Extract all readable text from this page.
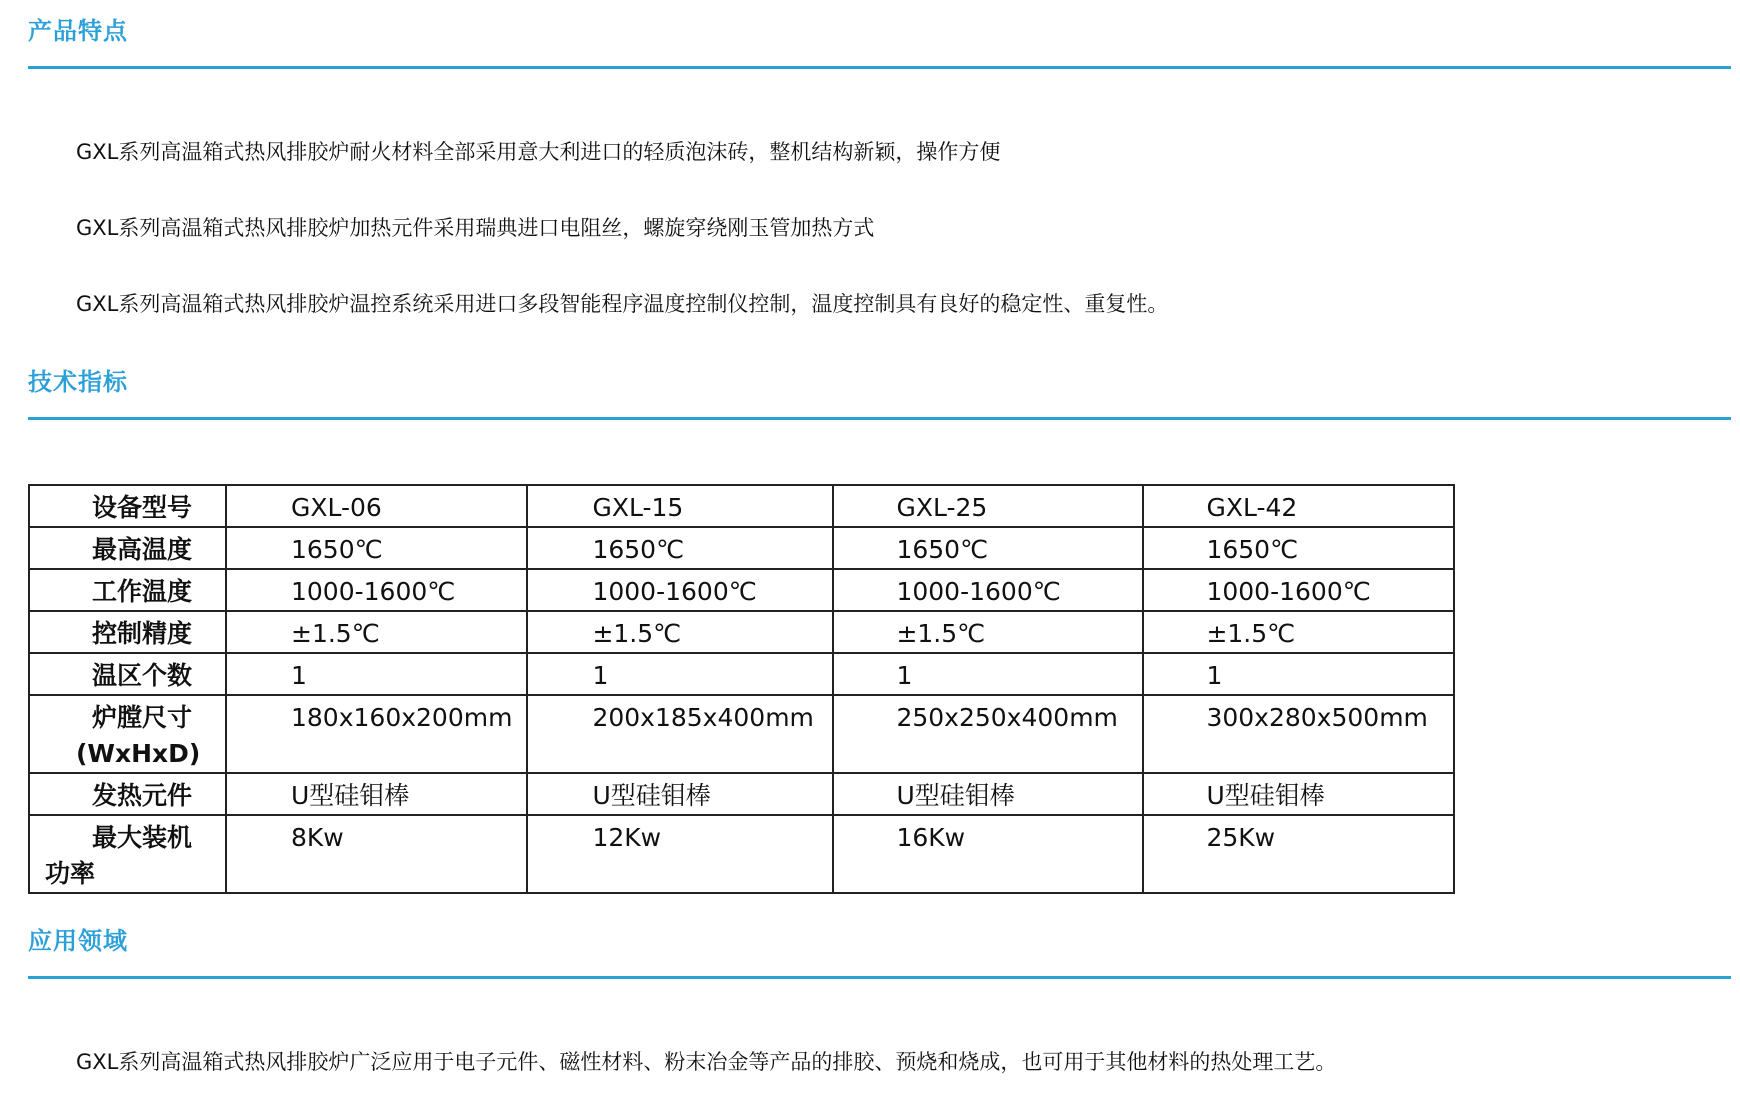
产品特点

GXL系列高温箱式热风排胶炉耐火材料全部采用意大利进口的轻质泡沫砖，整机结构新颖，操作方便

GXL系列高温箱式热风排胶炉加热元件采用瑞典进口电阻丝，螺旋穿绕刚玉管加热方式

GXL系列高温箱式热风排胶炉温控系统采用进口多段智能程序温度控制仪控制，温度控制具有良好的稳定性、重复性。

技术指标
设备型号	GXL-06	GXL-15	GXL-25	GXL-42
最高温度	1650℃	1650℃	1650℃	1650℃
工作温度	1000-1600℃	1000-1600℃	1000-1600℃	1000-1600℃
控制精度	±1.5℃	±1.5℃	±1.5℃	±1.5℃
温区个数	1	1	1	1
炉膛尺寸
(WxHxD)	180x160x200mm	200x185x400mm	250x250x400mm	300x280x500mm
发热元件	U型硅钼棒	U型硅钼棒	U型硅钼棒	U型硅钼棒
最大装机
功率	8Kw	12Kw	16Kw	25Kw
应用领域

GXL系列高温箱式热风排胶炉广泛应用于电子元件、磁性材料、粉末冶金等产品的排胶、预烧和烧成，也可用于其他材料的热处理工艺。
